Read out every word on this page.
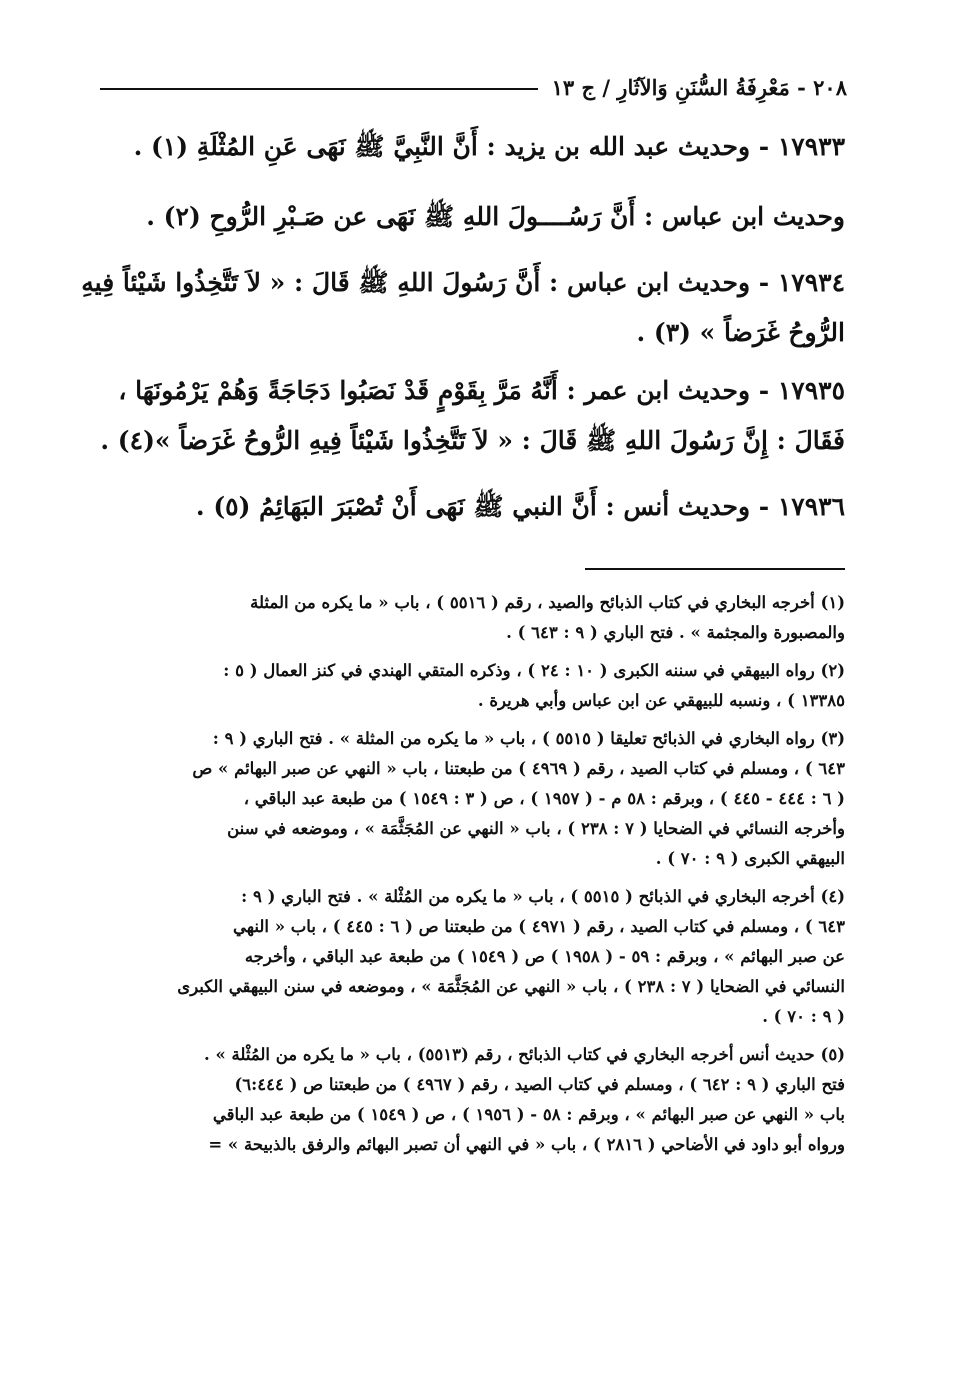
٢٠٨ - مَعْرِفَةُ السُّنَنِ وَالآثَارِ / ج ١٣
١٧٩٣٣ - وحديث عبد الله بن يزيد : أَنَّ النَّبِيَّ ﷺ نَهَى عَنِ المُثْلَةِ (١) .
وحديث ابن عباس : أَنَّ رَسُــــولَ اللهِ ﷺ نَهَى عن صَـبْرِ الرُّوحِ (٢) .
١٧٩٣٤ - وحديث ابن عباس : أَنَّ رَسُولَ اللهِ ﷺ قَالَ : « لاَ تَتَّخِذُوا شَيْئاً فِيهِ
الرُّوحُ غَرَضاً » (٣) .
١٧٩٣٥ - وحديث ابن عمر : أَنَّهُ مَرَّ بِقَوْمٍ قَدْ نَصَبُوا دَجَاجَةً وَهُمْ يَرْمُونَهَا ،
فَقَالَ : إِنَّ رَسُولَ اللهِ ﷺ قَالَ : « لاَ تَتَّخِذُوا شَيْئاً فِيهِ الرُّوحُ غَرَضاً »(٤) .
١٧٩٣٦ - وحديث أنس : أَنَّ النبي ﷺ نَهَى أَنْ تُصْبَرَ البَهَائِمُ (٥) .
(١) أخرجه البخاري في كتاب الذبائح والصيد ، رقم ( ٥٥١٦ ) ، باب « ما يكره من المثلة
والمصبورة والمجثمة » . فتح الباري ( ٩ : ٦٤٣ ) .
(٢) رواه البيهقي في سننه الكبرى ( ١٠ : ٢٤ ) ، وذكره المتقي الهندي في كنز العمال ( ٥ :
١٣٣٨٥ ) ، ونسبه للبيهقي عن ابن عباس وأبي هريرة .
(٣) رواه البخاري في الذبائح تعليقا ( ٥٥١٥ ) ، باب « ما يكره من المثلة » . فتح الباري ( ٩ :
٦٤٣ ) ، ومسلم في كتاب الصيد ، رقم ( ٤٩٦٩ ) من طبعتنا ، باب « النهي عن صبر البهائم » ص
( ٦ : ٤٤٤ - ٤٤٥ ) ، وبرقم : ٥٨ م - ( ١٩٥٧ ) ، ص ( ٣ : ١٥٤٩ ) من طبعة عبد الباقي ،
وأخرجه النسائي في الضحايا ( ٧ : ٢٣٨ ) ، باب « النهي عن المُجَثَّمَة » ، وموضعه في سنن
البيهقي الكبرى ( ٩ : ٧٠ ) .
(٤) أخرجه البخاري في الذبائح ( ٥٥١٥ ) ، باب « ما يكره من المُثْلة » . فتح الباري ( ٩ :
٦٤٣ ) ، ومسلم في كتاب الصيد ، رقم ( ٤٩٧١ ) من طبعتنا ص ( ٦ : ٤٤٥ ) ، باب « النهي
عن صبر البهائم » ، وبرقم : ٥٩ - ( ١٩٥٨ ) ص ( ١٥٤٩ ) من طبعة عبد الباقي ، وأخرجه
النسائي في الضحايا ( ٧ : ٢٣٨ ) ، باب « النهي عن المُجَثَّمَة » ، وموضعه في سنن البيهقي الكبرى
( ٩ : ٧٠ ) .
(٥) حديث أنس أخرجه البخاري في كتاب الذبائح ، رقم (٥٥١٣) ، باب « ما يكره من المُثْلة » .
فتح الباري ( ٩ : ٦٤٢ ) ، ومسلم في كتاب الصيد ، رقم ( ٤٩٦٧ ) من طبعتنا ص ( ٦:٤٤٤)
باب « النهي عن صبر البهائم » ، وبرقم : ٥٨ - ( ١٩٥٦ ) ، ص ( ١٥٤٩ ) من طبعة عبد الباقي
ورواه أبو داود في الأضاحي ( ٢٨١٦ ) ، باب « في النهي أن تصبر البهائم والرفق بالذبيحة » =
